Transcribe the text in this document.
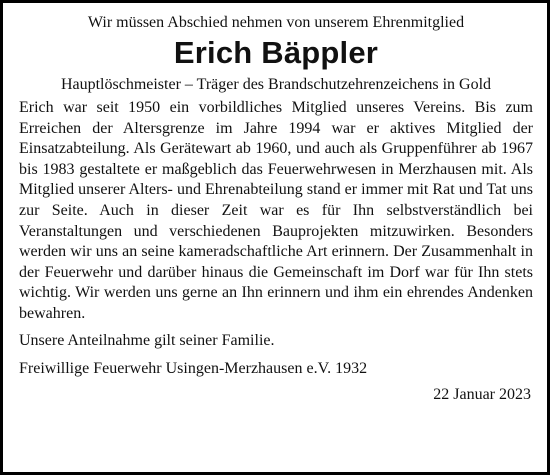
Wir müssen Abschied nehmen von unserem Ehrenmitglied

Erich Bäppler

Hauptlöschmeister – Träger des Brandschutzehrenzeichens in Gold

Erich war seit 1950 ein vorbildliches Mitglied unseres Vereins. Bis zum Erreichen der Altersgrenze im Jahre 1994 war er aktives Mitglied der Einsatzabteilung. Als Gerätewart ab 1960, und auch als Gruppenführer ab 1967 bis 1983 gestaltete er maßgeblich das Feuerwehrwesen in Merzhausen mit. Als Mitglied unserer Alters- und Ehrenabteilung stand er immer mit Rat und Tat uns zur Seite. Auch in dieser Zeit war es für Ihn selbstverständlich bei Veranstaltungen und verschiedenen Bauprojekten mitzuwirken. Besonders werden wir uns an seine kameradschaftliche Art erinnern. Der Zusammenhalt in der Feuerwehr und darüber hinaus die Gemeinschaft im Dorf war für Ihn stets wichtig. Wir werden uns gerne an Ihn erinnern und ihm ein ehrendes Andenken bewahren.

Unsere Anteilnahme gilt seiner Familie.

Freiwillige Feuerwehr Usingen-Merzhausen e.V. 1932

22 Januar 2023
